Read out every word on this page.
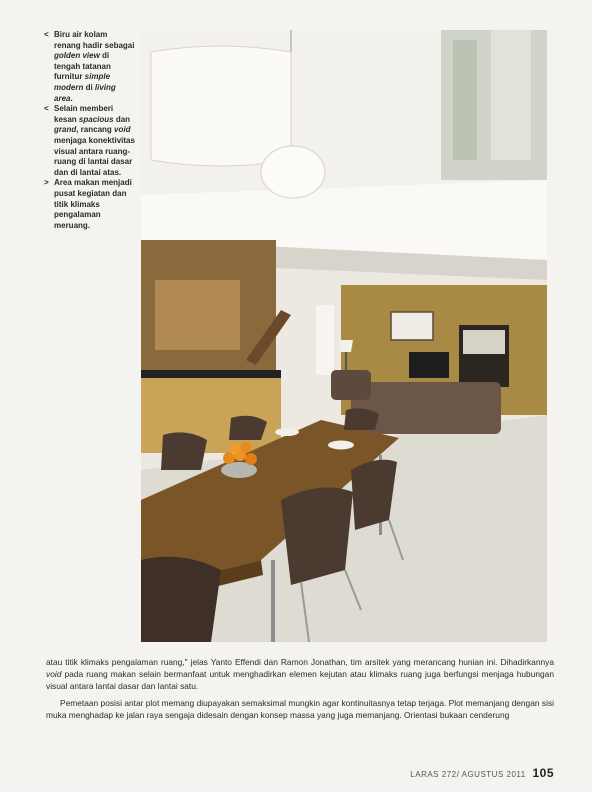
< Biru air kolam renang hadir sebagai golden view di tengah tatanan furnitur simple modern di living area.
< Selain memberi kesan spacious dan grand, rancang void menjaga konektivitas visual antara ruang-ruang di lantai dasar dan di lantai atas.
> Area makan menjadi pusat kegiatan dan titik klimaks pengalaman meruang.

atau titik klimaks pengalaman ruang," jelas Yanto Effendi dan Ramon Jonathan, tim arsitek yang merancang hunian ini. Dihadirkannya void pada ruang makan selain bermanfaat untuk menghadirkan elemen kejutan atau klimaks ruang juga berfungsi menjaga hubungan visual antara lantai dasar dan lantai satu.

Pemetaan posisi antar plot memang diupayakan semaksimal mungkin agar kontinuitasnya tetap terjaga. Plot memanjang dengan sisi muka menghadap ke jalan raya sengaja didesain dengan konsep massa yang juga memanjang. Orientasi bukaan cenderung

LARAS 272/ AGUSTUS 2011 105
